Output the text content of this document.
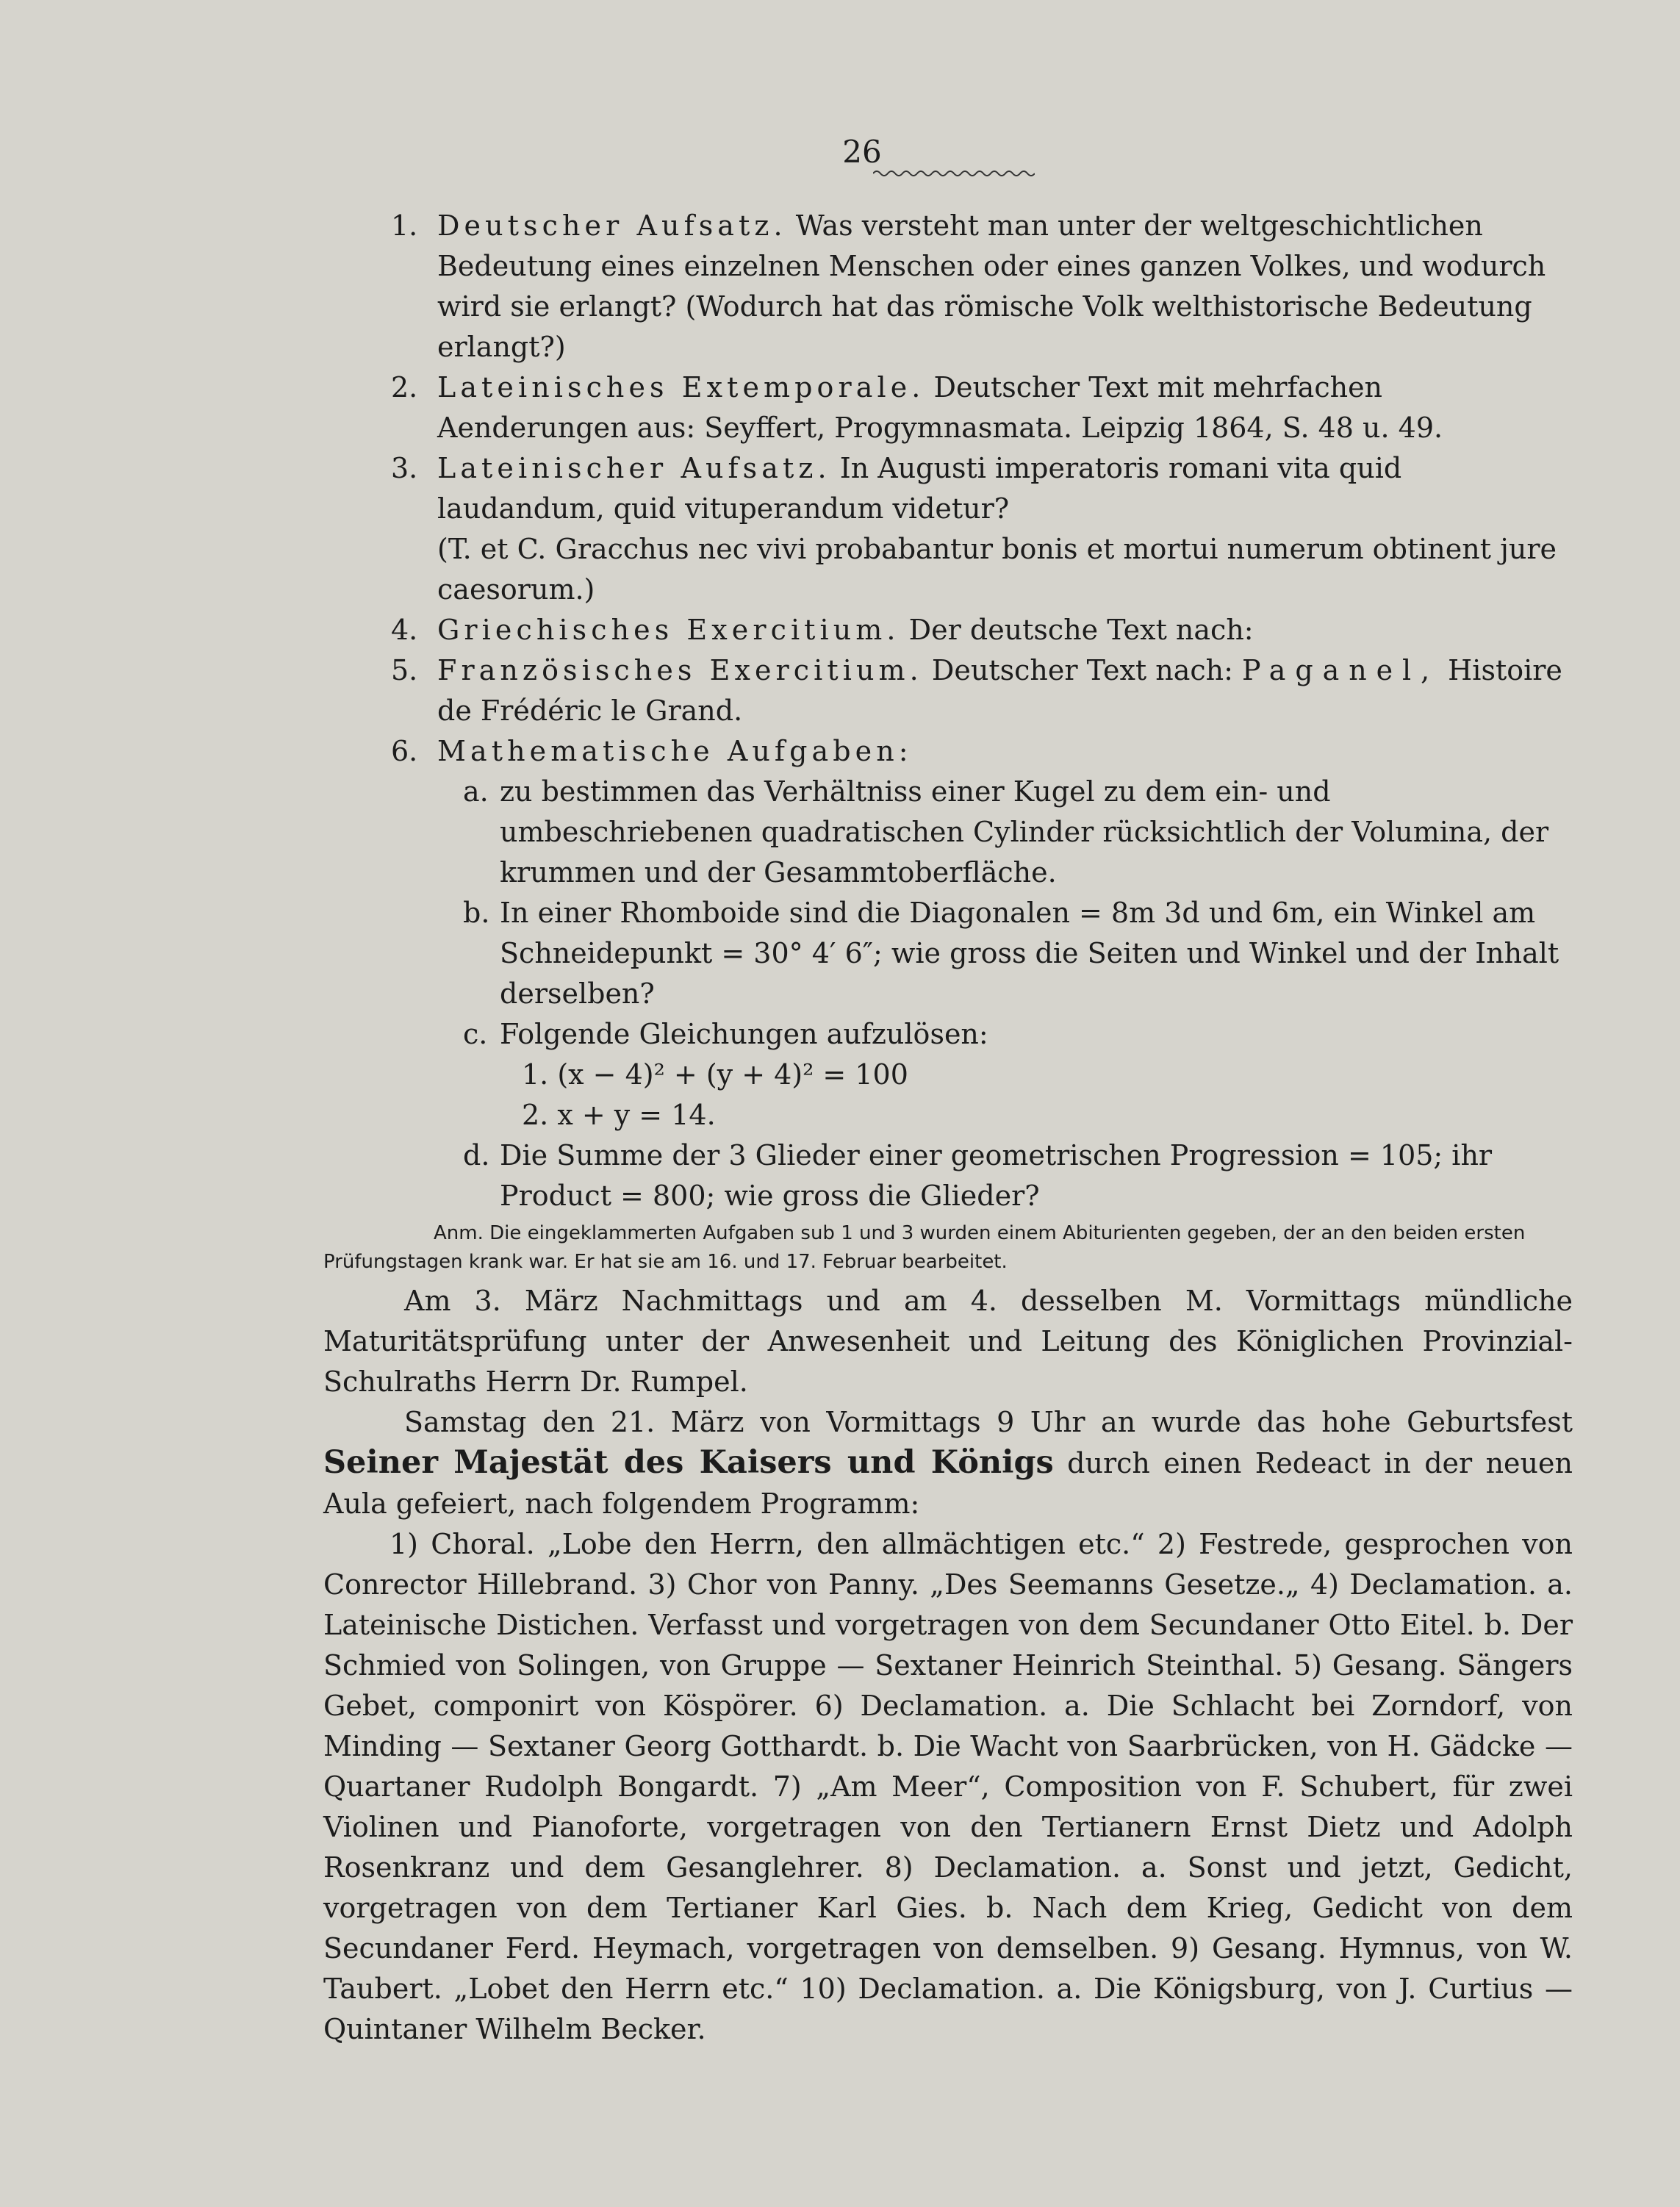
26
1. Deutscher Aufsatz. Was versteht man unter der weltgeschichtlichen Bedeutung eines einzelnen Menschen oder eines ganzen Volkes, und wodurch wird sie erlangt? (Wodurch hat das römische Volk welthistorische Bedeutung erlangt?)
2. Lateinisches Extemporale. Deutscher Text mit mehrfachen Aenderungen aus: Seyffert, Progymnasmata. Leipzig 1864, S. 48 u. 49.
3. Lateinischer Aufsatz. In Augusti imperatoris romani vita quid laudandum, quid vituperandum videtur?
(T. et C. Gracchus nec vivi probabantur bonis et mortui numerum obtinent jure caesorum.)
4. Griechisches Exercitium. Der deutsche Text nach:
5. Französisches Exercitium. Deutscher Text nach: Paganel, Histoire de Frédéric le Grand.
6. Mathematische Aufgaben:
a. zu bestimmen das Verhältniss einer Kugel zu dem ein- und umbeschriebenen quadratischen Cylinder rücksichtlich der Volumina, der krummen und der Gesammtoberfläche.
b. In einer Rhomboide sind die Diagonalen = 8m 3d und 6m, ein Winkel am Schneidepunkt = 30° 4′ 6″; wie gross die Seiten und Winkel und der Inhalt derselben?
c. Folgende Gleichungen aufzulösen:
1. (x − 4)² + (y + 4)² = 100
2. x + y = 14.
d. Die Summe der 3 Glieder einer geometrischen Progression = 105; ihr Product = 800; wie gross die Glieder?
Anm. Die eingeklammerten Aufgaben sub 1 und 3 wurden einem Abiturienten gegeben, der an den beiden ersten Prüfungstagen krank war. Er hat sie am 16. und 17. Februar bearbeitet.
Am 3. März Nachmittags und am 4. desselben M. Vormittags mündliche Maturitätsprüfung unter der Anwesenheit und Leitung des Königlichen Provinzial-Schulraths Herrn Dr. Rumpel.
Samstag den 21. März von Vormittags 9 Uhr an wurde das hohe Geburtsfest Seiner Majestät des Kaisers und Königs durch einen Redeact in der neuen Aula gefeiert, nach folgendem Programm:
1) Choral. „Lobe den Herrn, den allmächtigen etc.“ 2) Festrede, gesprochen von Conrector Hillebrand. 3) Chor von Panny. „Des Seemanns Gesetze.„ 4) Declamation. a. Lateinische Distichen. Verfasst und vorgetragen von dem Secundaner Otto Eitel. b. Der Schmied von Solingen, von Gruppe — Sextaner Heinrich Steinthal. 5) Gesang. Sängers Gebet, componirt von Köspörer. 6) Declamation. a. Die Schlacht bei Zorndorf, von Minding — Sextaner Georg Gotthardt. b. Die Wacht von Saarbrücken, von H. Gädcke — Quartaner Rudolph Bongardt. 7) „Am Meer“, Composition von F. Schubert, für zwei Violinen und Pianoforte, vorgetragen von den Tertianern Ernst Dietz und Adolph Rosenkranz und dem Gesanglehrer. 8) Declamation. a. Sonst und jetzt, Gedicht, vorgetragen von dem Tertianer Karl Gies. b. Nach dem Krieg, Gedicht von dem Secundaner Ferd. Heymach, vorgetragen von demselben. 9) Gesang. Hymnus, von W. Taubert. „Lobet den Herrn etc.“ 10) Declamation. a. Die Königsburg, von J. Curtius — Quintaner Wilhelm Becker.
